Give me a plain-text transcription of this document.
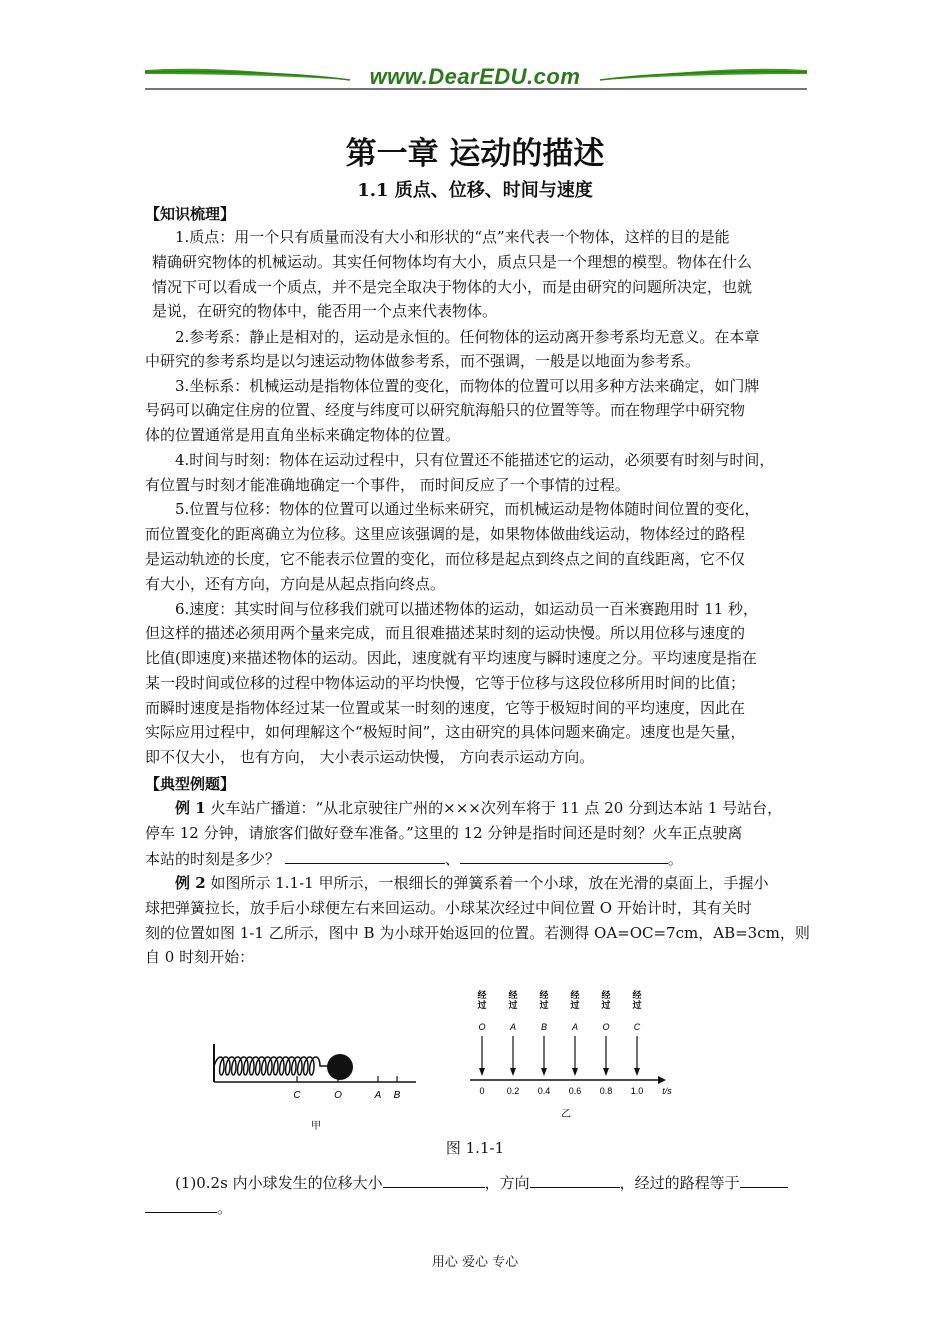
www.DearEDU.com
第一章 运动的描述
1.1 质点、位移、时间与速度
【知识梳理】
1.质点：用一个只有质量而没有大小和形状的“点”来代表一个物体，这样的目的是能
精确研究物体的机械运动。其实任何物体均有大小，质点只是一个理想的模型。物体在什么
情况下可以看成一个质点，并不是完全取决于物体的大小，而是由研究的问题所决定，也就
是说，在研究的物体中，能否用一个点来代表物体。
2.参考系：静止是相对的，运动是永恒的。任何物体的运动离开参考系均无意义。在本章
中研究的参考系均是以匀速运动物体做参考系，而不强调，一般是以地面为参考系。
3.坐标系：机械运动是指物体位置的变化，而物体的位置可以用多种方法来确定，如门牌
号码可以确定住房的位置、经度与纬度可以研究航海船只的位置等等。而在物理学中研究物
体的位置通常是用直角坐标来确定物体的位置。
4.时间与时刻：物体在运动过程中，只有位置还不能描述它的运动，必须要有时刻与时间，
有位置与时刻才能准确地确定一个事件， 而时间反应了一个事情的过程。
5.位置与位移：物体的位置可以通过坐标来研究，而机械运动是物体随时间位置的变化，
而位置变化的距离确立为位移。这里应该强调的是，如果物体做曲线运动，物体经过的路程
是运动轨迹的长度，它不能表示位置的变化，而位移是起点到终点之间的直线距离，它不仅
有大小，还有方向，方向是从起点指向终点。
6.速度：其实时间与位移我们就可以描述物体的运动，如运动员一百米赛跑用时 11 秒，
但这样的描述必须用两个量来完成，而且很难描述某时刻的运动快慢。所以用位移与速度的
比值(即速度)来描述物体的运动。因此，速度就有平均速度与瞬时速度之分。平均速度是指在
某一段时间或位移的过程中物体运动的平均快慢，它等于位移与这段位移所用时间的比值；
而瞬时速度是指物体经过某一位置或某一时刻的速度，它等于极短时间的平均速度，因此在
实际应用过程中，如何理解这个“极短时间”，这由研究的具体问题来确定。速度也是矢量，
即不仅大小， 也有方向， 大小表示运动快慢， 方向表示运动方向。
【典型例题】
例 1 火车站广播道：“从北京驶往广州的×××次列车将于 11 点 20 分到达本站 1 号站台，
停车 12 分钟，请旅客们做好登车准备。”这里的 12 分钟是指时间还是时刻？火车正点驶离
本站的时刻是多少？	、	。
例 2 如图所示 1.1-1 甲所示，一根细长的弹簧系着一个小球，放在光滑的桌面上，手握小
球把弹簧拉长，放手后小球便左右来回运动。小球某次经过中间位置 O 开始计时，其有关时
刻的位置如图 1-1 乙所示，图中 B 为小球开始返回的位置。若测得 OA=OC=7cm，AB=3cm，则
自 0 时刻开始：
C	O	A B
甲
经过
O
0
经过
A
0.2
经过
B
0.4
经过
A
0.6
经过
O
0.8
经过
C
1.0 t/s
乙
图 1.1-1
(1)0.2s 内小球发生的位移大小	，方向	，经过的路程等于
。
用心 爱心 专心
